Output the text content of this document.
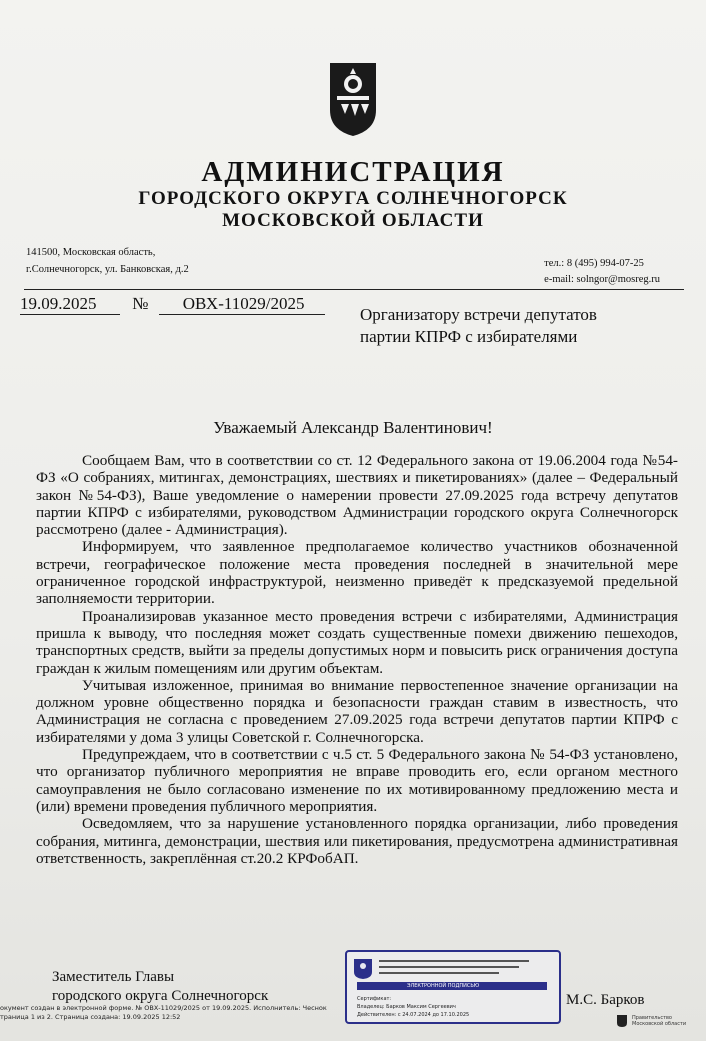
АДМИНИСТРАЦИЯ
ГОРОДСКОГО ОКРУГА СОЛНЕЧНОГОРСК
МОСКОВСКОЙ ОБЛАСТИ
141500, Московская область,
г.Солнечногорск, ул. Банковская, д.2
тел.: 8 (495) 994-07-25
e-mail: solngor@mosreg.ru
19.09.2025 № ОВХ-11029/2025
Организатору встречи депутатов
партии КПРФ с избирателями
Уважаемый Александр Валентинович!

Сообщаем Вам, что в соответствии со ст. 12 Федерального закона от 19.06.2004 года №54-ФЗ «О собраниях, митингах, демонстрациях, шествиях и пикетированиях» (далее – Федеральный закон №54-ФЗ), Ваше уведомление о намерении провести 27.09.2025 года встречу депутатов партии КПРФ с избирателями, руководством Администрации городского округа Солнечногорск рассмотрено (далее - Администрация).

Информируем, что заявленное предполагаемое количество участников обозначенной встречи, географическое положение места проведения последней в значительной мере ограниченное городской инфраструктурой, неизменно приведёт к предсказуемой предельной заполняемости территории.

Проанализировав указанное место проведения встречи с избирателями, Администрация пришла к выводу, что последняя может создать существенные помехи движению пешеходов, транспортных средств, выйти за пределы допустимых норм и повысить риск ограничения доступа граждан к жилым помещениям или другим объектам.

Учитывая изложенное, принимая во внимание первостепенное значение организации на должном уровне общественно порядка и безопасности граждан ставим в известность, что Администрация не согласна с проведением 27.09.2025 года встречи депутатов партии КПРФ с избирателями у дома 3 улицы Советской г. Солнечногорска.

Предупреждаем, что в соответствии с ч.5 ст. 5 Федерального закона № 54-ФЗ установлено, что организатор публичного мероприятия не вправе проводить его, если органом местного самоуправления не было согласовано изменение по их мотивированному предложению места и (или) времени проведения публичного мероприятия.

Осведомляем, что за нарушение установленного порядка организации, либо проведения собрания, митинга, демонстрации, шествия или пикетирования, предусмотрена административная ответственность, закреплённая ст.20.2 КРФобАП.

ЭЛЕКТРОННОЙ ПОДПИСЬЮ
Сертификат:
Владелец: Барков Максим Сергеевич
Действителен: с 24.07.2024 до 17.10.2025
Заместитель Главы
городского округа Солнечногорск	М.С. Барков
окумент создан в электронной форме. № ОВХ-11029/2025 от 19.09.2025. Исполнитель: Чеснок
траница 1 из 2. Страница создана: 19.09.2025 12:52	Правительство
Московской области
